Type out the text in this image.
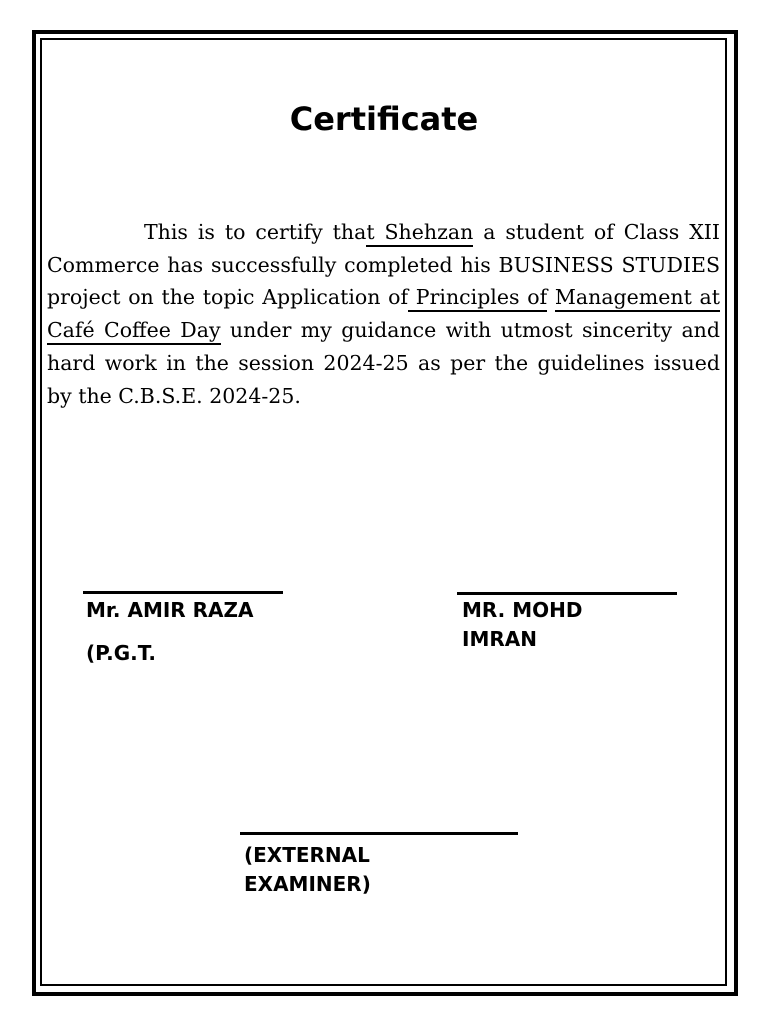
Certificate

This is to certify that Shehzan a student of Class XII Commerce has successfully completed his BUSINESS STUDIES project on the topic Application of Principles of Management at Café Coffee Day under my guidance with utmost sincerity and hard work in the session 2024-25 as per the guidelines issued by the C.B.S.E. 2024-25.

Mr. AMIR RAZA
(P.G.T.
MR. MOHD IMRAN
(EXTERNAL EXAMINER)
